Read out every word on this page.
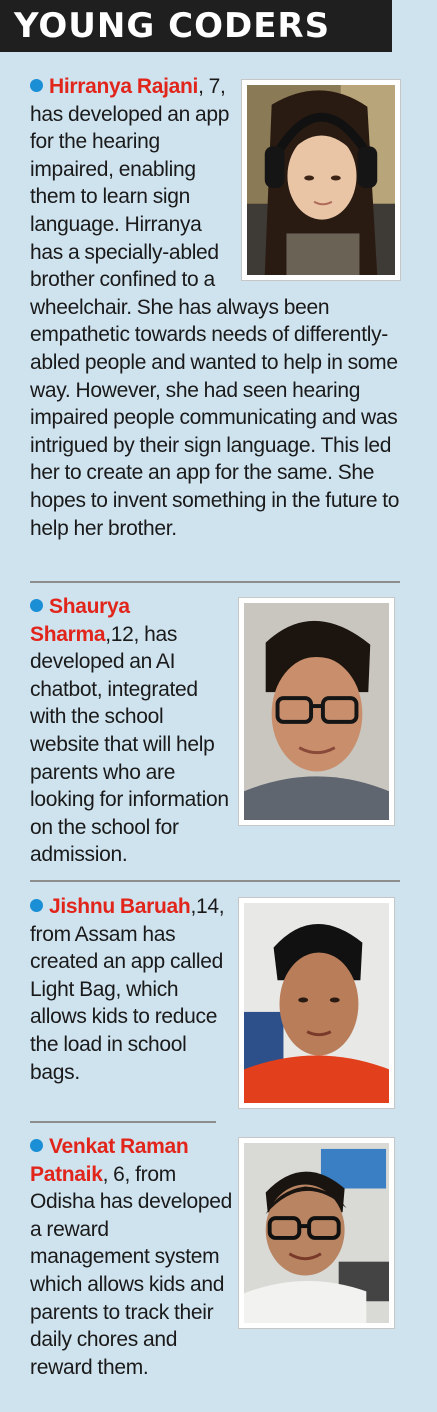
YOUNG CODERS
Hirranya Rajani, 7, has developed an app for the hearing impaired, enabling them to learn sign language. Hirranya has a specially-abled brother confined to a wheelchair. She has always been empathetic towards needs of differently-abled people and wanted to help in some way. However, she had seen hearing impaired people communicating and was intrigued by their sign language. This led her to create an app for the same. She hopes to invent something in the future to help her brother.
Shaurya Sharma,12, has developed an AI chatbot, integrated with the school website that will help parents who are looking for information on the school for admission.
Jishnu Baruah,14, from Assam has created an app called Light Bag, which allows kids to reduce the load in school bags.
Venkat Raman Patnaik, 6, from Odisha has developed a reward management system which allows kids and parents to track their daily chores and reward them.
